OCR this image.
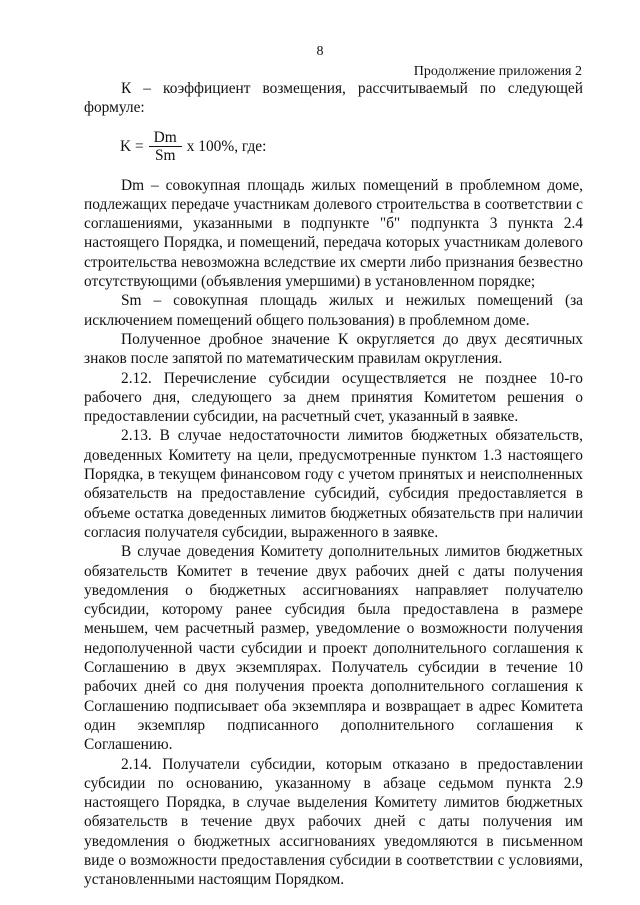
8
Продолжение приложения 2

К – коэффициент возмещения, рассчитываемый по следующей формуле:

$K = \frac{Dm}{Sm}$ x 100%, где:

Dm – совокупная площадь жилых помещений в проблемном доме, подлежащих передаче участникам долевого строительства в соответствии с соглашениями, указанными в подпункте "б" подпункта 3 пункта 2.4 настоящего Порядка, и помещений, передача которых участникам долевого строительства невозможна вследствие их смерти либо признания безвестно отсутствующими (объявления умершими) в установленном порядке;

Sm – совокупная площадь жилых и нежилых помещений (за исключением помещений общего пользования) в проблемном доме.

Полученное дробное значение К округляется до двух десятичных знаков после запятой по математическим правилам округления.

2.12. Перечисление субсидии осуществляется не позднее 10-го рабочего дня, следующего за днем принятия Комитетом решения о предоставлении субсидии, на расчетный счет, указанный в заявке.

2.13. В случае недостаточности лимитов бюджетных обязательств, доведенных Комитету на цели, предусмотренные пунктом 1.3 настоящего Порядка, в текущем финансовом году с учетом принятых и неисполненных обязательств на предоставление субсидий, субсидия предоставляется в объеме остатка доведенных лимитов бюджетных обязательств при наличии согласия получателя субсидии, выраженного в заявке.

В случае доведения Комитету дополнительных лимитов бюджетных обязательств Комитет в течение двух рабочих дней с даты получения уведомления о бюджетных ассигнованиях направляет получателю субсидии, которому ранее субсидия была предоставлена в размере меньшем, чем расчетный размер, уведомление о возможности получения недополученной части субсидии и проект дополнительного соглашения к Соглашению в двух экземплярах. Получатель субсидии в течение 10 рабочих дней со дня получения проекта дополнительного соглашения к Соглашению подписывает оба экземпляра и возвращает в адрес Комитета один экземпляр подписанного дополнительного соглашения к Соглашению.

2.14. Получатели субсидии, которым отказано в предоставлении субсидии по основанию, указанному в абзаце седьмом пункта 2.9 настоящего Порядка, в случае выделения Комитету лимитов бюджетных обязательств в течение двух рабочих дней с даты получения им уведомления о бюджетных ассигнованиях уведомляются в письменном виде о возможности предоставления субсидии в соответствии с условиями, установленными настоящим Порядком.
